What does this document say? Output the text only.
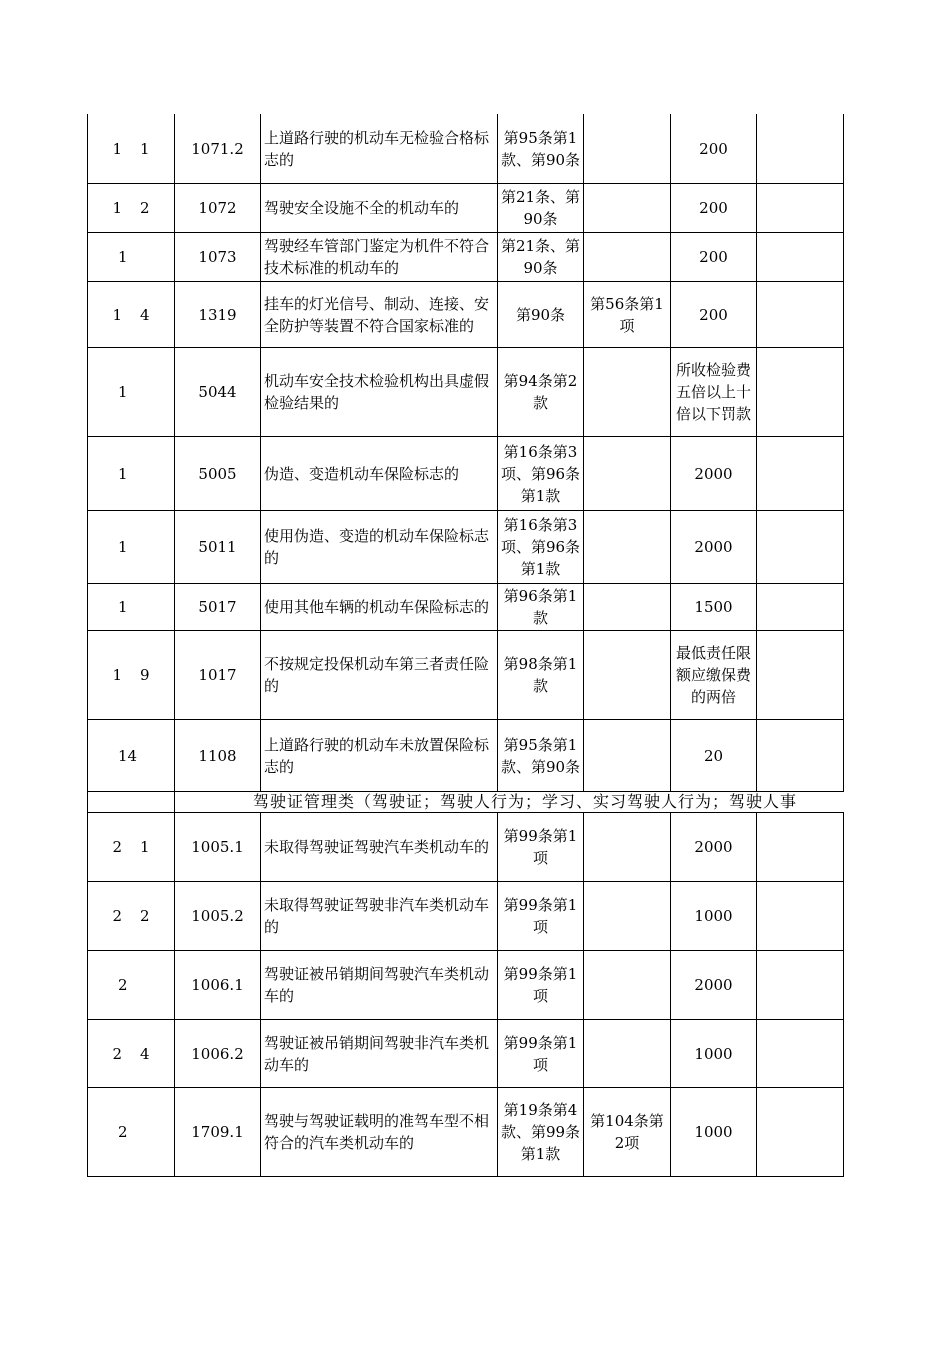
1 1	1071.2	上道路行驶的机动车无检验合格标志的	第95条第1款、第90条		200	

1 2	1072	驾驶安全设施不全的机动车的	第21条、第90条		200	

1	1073	驾驶经车管部门鉴定为机件不符合技术标准的机动车的	第21条、第90条		200	

1 4	1319	挂车的灯光信号、制动、连接、安全防护等装置不符合国家标准的	第90条	第56条第1项	200	

1	5044	机动车安全技术检验机构出具虚假检验结果的	第94条第2款		所收检验费五倍以上十倍以下罚款	

1	5005	伪造、变造机动车保险标志的	第16条第3项、第96条第1款		2000	

1	5011	使用伪造、变造的机动车保险标志的	第16条第3项、第96条第1款		2000	

1	5017	使用其他车辆的机动车保险标志的	第96条第1款		1500	

1 9	1017	不按规定投保机动车第三者责任险的	第98条第1款		最低责任限额应缴保费的两倍	

14	1108	上道路行驶的机动车未放置保险标志的	第95条第1款、第90条		20	

	驾驶证管理类（驾驶证；驾驶人行为；学习、实习驾驶人行为；驾驶人事					

2 1	1005.1	未取得驾驶证驾驶汽车类机动车的	第99条第1项		2000	

2 2	1005.2	未取得驾驶证驾驶非汽车类机动车的	第99条第1项		1000	

2	1006.1	驾驶证被吊销期间驾驶汽车类机动车的	第99条第1项		2000	

2 4	1006.2	驾驶证被吊销期间驾驶非汽车类机动车的	第99条第1项		1000	

2	1709.1	驾驶与驾驶证载明的准驾车型不相符合的汽车类机动车的	第19条第4款、第99条第1款	第104条第2项	1000	
